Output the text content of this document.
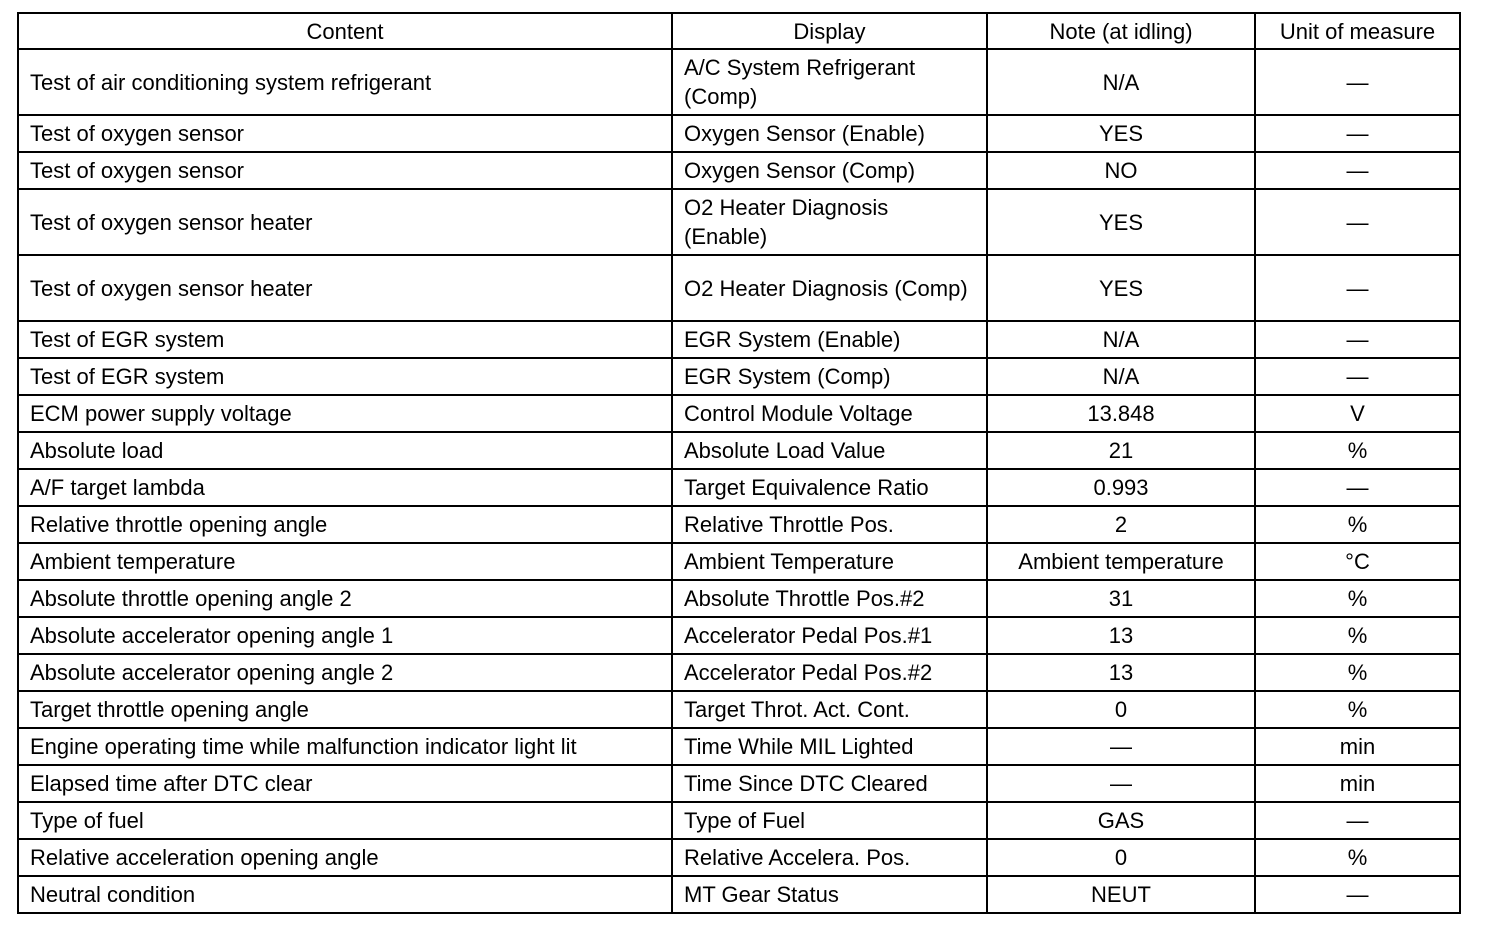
Content	Display	Note (at idling)	Unit of measure
Test of air conditioning system refrigerant	A/C System Refrigerant (Comp)	N/A	—
Test of oxygen sensor	Oxygen Sensor (Enable)	YES	—
Test of oxygen sensor	Oxygen Sensor (Comp)	NO	—
Test of oxygen sensor heater	O2 Heater Diagnosis (Enable)	YES	—
Test of oxygen sensor heater	O2 Heater Diagnosis (Comp)	YES	—
Test of EGR system	EGR System (Enable)	N/A	—
Test of EGR system	EGR System (Comp)	N/A	—
ECM power supply voltage	Control Module Voltage	13.848	V
Absolute load	Absolute Load Value	21	%
A/F target lambda	Target Equivalence Ratio	0.993	—
Relative throttle opening angle	Relative Throttle Pos.	2	%
Ambient temperature	Ambient Temperature	Ambient temperature	°C
Absolute throttle opening angle 2	Absolute Throttle Pos.#2	31	%
Absolute accelerator opening angle 1	Accelerator Pedal Pos.#1	13	%
Absolute accelerator opening angle 2	Accelerator Pedal Pos.#2	13	%
Target throttle opening angle	Target Throt. Act. Cont.	0	%
Engine operating time while malfunction indicator light lit	Time While MIL Lighted	—	min
Elapsed time after DTC clear	Time Since DTC Cleared	—	min
Type of fuel	Type of Fuel	GAS	—
Relative acceleration opening angle	Relative Accelera. Pos.	0	%
Neutral condition	MT Gear Status	NEUT	—
